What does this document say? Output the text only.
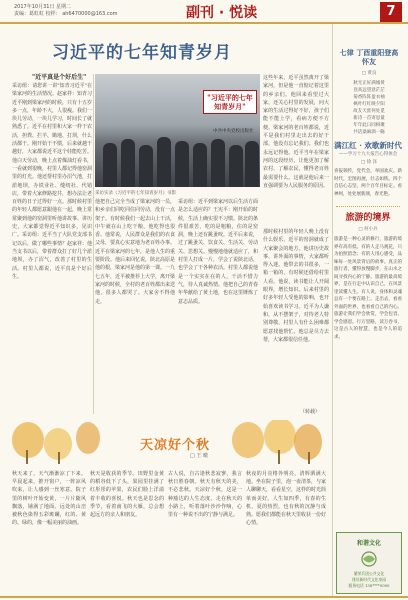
2017年10月31日 星期二
责编：葛虹虹 校样： ah6470000@163.com	副刊 · 悦读	7
习近平的七年知青岁月
"近平真是个好后生"
采访组：请您讲一讲"知青习近平"在梁家河的生活情况。赵家祥：知青习近平刚到梁家河的时候，只有十五岁多一点，年龄不大，人很瘦。我们一块儿劳动，一块儿学习，时间长了就熟悉了。近平在村里和大家一样干农活，担粪、拦羊、锄地、打坝，什么活都干。刚开始干不惯，后来就越干越好，大家都说近平这个娃能吃苦。他白天劳动，晚上点着煤油灯看书，一看就到很晚，村里人都记得他窑洞里的灯光。他还帮村里办沼气池，打淤地坝，办铁业社、缝纫社、代销店，带着大家修路挖井，想办法让老百姓的日子过得好一点。那时候村里的年轻人都愿意跟他在一起，晚上常常聚到他的窑洞里听他讲故事、讲历史，大家都觉得近平知识多，见识广。采访组：近平当了大队党支部书记以后，做了哪些事情？赵家祥：他当支书以后，带着群众打了好几个淤地坝，办了沼气，改善了村里的生活。村里人都说，近平真是个好后生。
"习近平的七年知青岁月"
中共中央党校出版社
采访实录《习近平的七年知青岁月》书影
他把自己完全当成了梁家河的一员，和乡亲们同吃同住同劳动，没有一点架子。有时候我们一起去山上干活，中午就在山上吃干粮，他吃得也很香。他常说，人民群众是我们的衣食父母，要真心实意地为老百姓办事。近平在梁家河的七年，是他人生的重要阶段。他后来回忆说，陕北高原是他的根，梁家河是他的第一课。一九七五年，近平被推荐上大学，离开梁家河的时候，全村的老百姓都出来送他，很多人都哭了。大家舍不得他走。
采访组：近平到梁家河以后生活方面是怎么适应的？王宪平：刚开始的时候，生活上确实很不习惯。陕北的条件很艰苦，吃的是粗粮，住的是窑洞，晚上还有跳蚤咬。近平后来说，过了跳蚤关、饮食关、生活关、劳动关、思想关。慢慢地他就适应了，和村里人打成一片，学会了说陕北话，也学会了干各种农活。村里人都说他是一个实实在在的人，干活不惜力气，待人真诚热情。他把自己的青春年华献给了黄土地，也在这里锤炼了意志品质。
这些年来，近平虽然离开了梁家河，但是他一直惦记着这里的乡亲们。他回来看望过大家，还关心村里的发展，问大家的生活过得好不好，孩子们能不能上学，看病方便不方便。梁家河的老百姓都说，近平是我们村里走出去的好干部，他没有忘记我们。我们也永远记得他。近平当年在梁家河的这段经历，让他更加了解农村、了解农民，懂得老百姓最需要什么。这就是他后来一直强调要为人民服务的原因。
那时候村里的年轻人晚上没有什么娱乐，近平的窑洞就成了大家聚会的地方。他讲历史故事、讲外面的事情，大家都听得入迷。他带去的书很多，一箱一箱的，有时候还借给村里人看。他说，读书能让人开阔眼界，增长知识。后来村里的好多年轻人受他的影响，也开始喜欢读书学习。近平为人谦和，从不摆架子，对待老人特别尊敬，村里人有什么困难都愿意找他帮忙。他总是尽力去帮，大家都很信任他。
（转载）
七律 丁酉重阳登高怀友
□ 黄良
秋光正好满城黄
登高远望意茫茫
菊香阵阵盈衣袖
枫叶红红映夕阳
故友天涯何处觅
新诗一首寄思量
年年此日同相聚
共话桑麻酒一觞
满江红 · 欢歌新时代
——学习十九大报告心得体会
□ 徐 泽
喜报频传，党代会，举国欢庆。新时代，宏图再展，壮志如铁。四个自信心志坚，两个百年目标定。看神州，处处展新颜，春光艳。
旅游的境界
□ 何小兵
旅游是一种心灵的修行，旅游的境界有高有低。有的人走马观花，只为拍照留念；有的人用心感受，品味每一处风景背后的故事。真正的旅行者，懂得放慢脚步，在山水之间寻找内心的宁静。旅游的最高境界，是在行走中认识自己，在风景里读懂人生。有人说，身体和灵魂总有一个要在路上。走出去，看看外面的世界，也看看自己的内心。旅游让我们学会欣赏，学会包容，学会感恩。行万里路，读万卷书，这是古人的智慧，也是今人的追求。
天凉好个秋
□ 王 暾
秋天来了，天气渐渐凉了下来。早晨起来，推开窗户，一阵凉风吹来，让人感到一丝寒意。院子里的树叶开始变黄，一片片随风飘落，铺满了地面。远处的山峦被秋色染得五彩斑斓，红的、黄的、绿的，像一幅美丽的油画。
秋天是收获的季节。田野里金黄的稻谷低下了头，果园里挂满了红彤彤的苹果，农民们脸上洋溢着丰收的喜悦。秋天也是思念的季节，看着南飞的大雁，总会想起远方的亲人和朋友。
古人说，自古逢秋悲寂寥，我言秋日胜春朝。秋天有秋天的美，不必悲秋。天凉好个秋，这是一种豁达的人生态度。走在秋天的小路上，听着落叶沙沙作响，心里有一种说不出的宁静与满足。
秋夜的月亮格外明亮，清辉洒满大地。坐在院子里，泡一壶清茶，与家人聊聊天，看看星空，这样的时光简单而美好。人生如四季，有春的生机，夏的热烈，也有秋的沉静与成熟。愿我们都能在秋天里收获一份好心情。
和谐文化
繁荣兵团公共文化
建设新时代文化家园
服务电话 138****0000
